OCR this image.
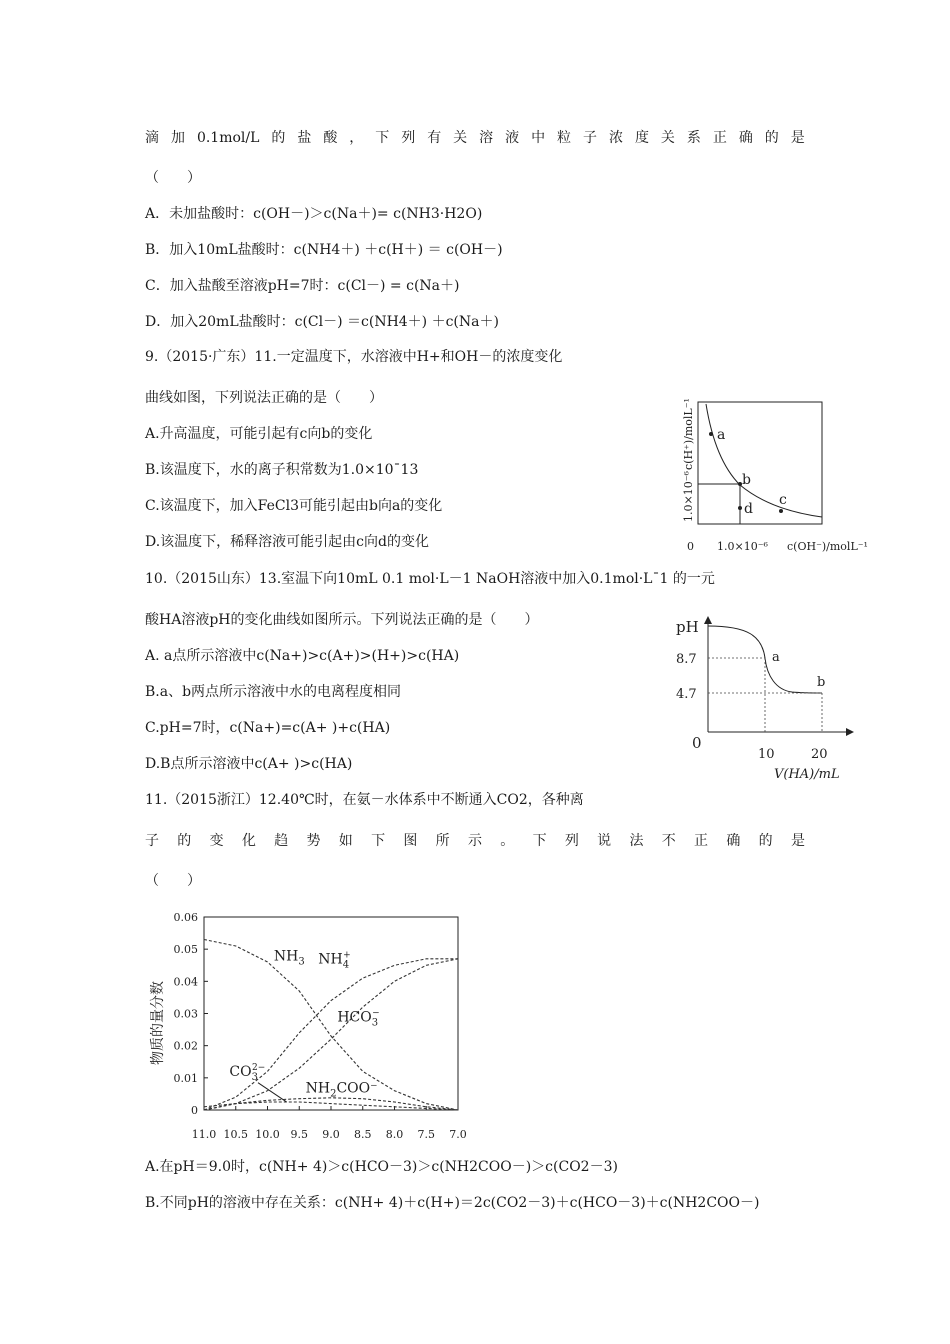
滴 加 0.1mol/L 的 盐 酸 ， 下 列 有 关 溶 液 中 粒 子 浓 度 关 系 正 确 的 是
（　　）
A．未加盐酸时：c(OH－)＞c(Na＋)= c(NH3·H2O)
B．加入10mL盐酸时：c(NH4＋) ＋c(H＋) ＝ c(OH－)
C．加入盐酸至溶液pH=7时：c(Cl－) = c(Na＋)
D．加入20mL盐酸时：c(Cl－) ＝c(NH4＋) ＋c(Na＋)
9.（2015·广东）11.一定温度下，水溶液中H+和OH－的浓度变化
曲线如图，下列说法正确的是（　　）
A.升高温度，可能引起有c向b的变化
B.该温度下，水的离子积常数为1.0×10¯13
C.该温度下，加入FeCl3可能引起由b向a的变化
D.该温度下，稀释溶液可能引起由c向d的变化
a
b
c
d
c(H⁺)/molL⁻¹
1.0×10⁻⁶
0 1.0×10⁻⁶ c(OH⁻)/molL⁻¹
10.（2015山东）13.室温下向10mL 0.1 mol·L－1 NaOH溶液中加入0.1mol·L¯1 的一元
酸HA溶液pH的变化曲线如图所示。下列说法正确的是（　　）
A. a点所示溶液中c(Na+)>c(A+)>(H+)>c(HA)
B.a、b两点所示溶液中水的电离程度相同
C.pH=7时，c(Na+)=c(A+ )+c(HA)
D.B点所示溶液中c(A+ )>c(HA)
pH
8.7
4.7
0
10	20
a
b
V(HA)/mL
11.（2015浙江）12.40℃时，在氨－水体系中不断通入CO2，各种离
子 的 变 化 趋 势 如 下 图 所 示 。 下 列 说 法 不 正 确 的 是
（　　）
0.06
0.05
0.04
0.03
0.02
0.01
0
11.0 10.5 10.0 9.5 9.0 8.5 8.0 7.5 7.0
物质的量分数
$NH_3$ $NH_4+$
$HCO_3-$
$NH_2COO^-$
$CO_32-$
A.在pH＝9.0时，c(NH+ 4)＞c(HCO－3)＞c(NH2COO－)＞c(CO2－3)
B.不同pH的溶液中存在关系：c(NH+ 4)＋c(H+)＝2c(CO2－3)＋c(HCO－3)＋c(NH2COO－)
